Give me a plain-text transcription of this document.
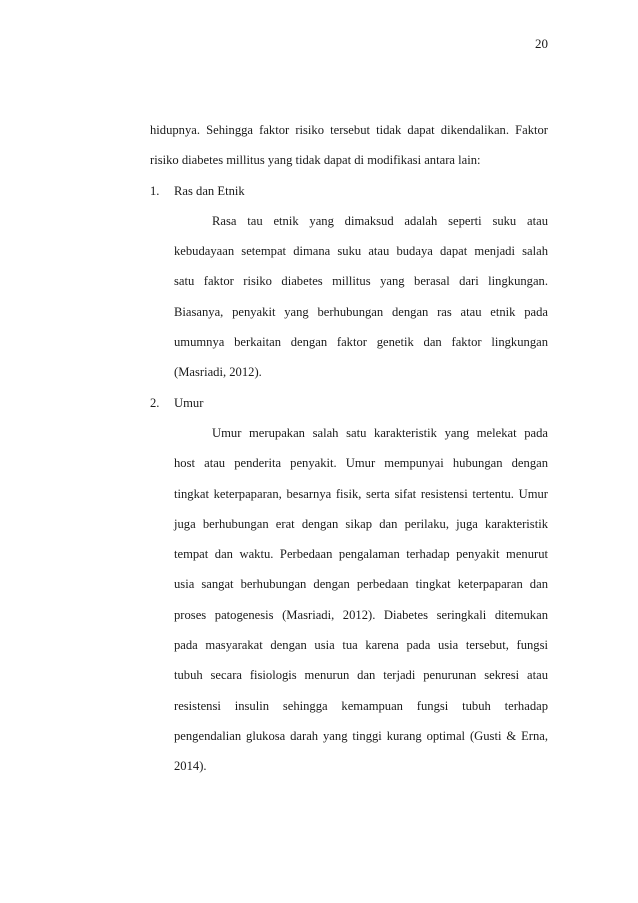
20
hidupnya. Sehingga faktor risiko tersebut tidak dapat dikendalikan. Faktor
risiko diabetes millitus yang tidak dapat di modifikasi antara lain:
1. Ras dan Etnik
Rasa tau etnik yang dimaksud adalah seperti suku atau
kebudayaan setempat dimana suku atau budaya dapat menjadi salah
satu faktor risiko diabetes millitus yang berasal dari lingkungan.
Biasanya, penyakit yang berhubungan dengan ras atau etnik pada
umumnya berkaitan dengan faktor genetik dan faktor lingkungan
(Masriadi, 2012).
2. Umur
Umur merupakan salah satu karakteristik yang melekat pada
host atau penderita penyakit. Umur mempunyai hubungan dengan
tingkat keterpaparan, besarnya fisik, serta sifat resistensi tertentu. Umur
juga berhubungan erat dengan sikap dan perilaku, juga karakteristik
tempat dan waktu. Perbedaan pengalaman terhadap penyakit menurut
usia sangat berhubungan dengan perbedaan tingkat keterpaparan dan
proses patogenesis (Masriadi, 2012). Diabetes seringkali ditemukan
pada masyarakat dengan usia tua karena pada usia tersebut, fungsi
tubuh secara fisiologis menurun dan terjadi penurunan sekresi atau
resistensi insulin sehingga kemampuan fungsi tubuh terhadap
pengendalian glukosa darah yang tinggi kurang optimal (Gusti & Erna,
2014).
